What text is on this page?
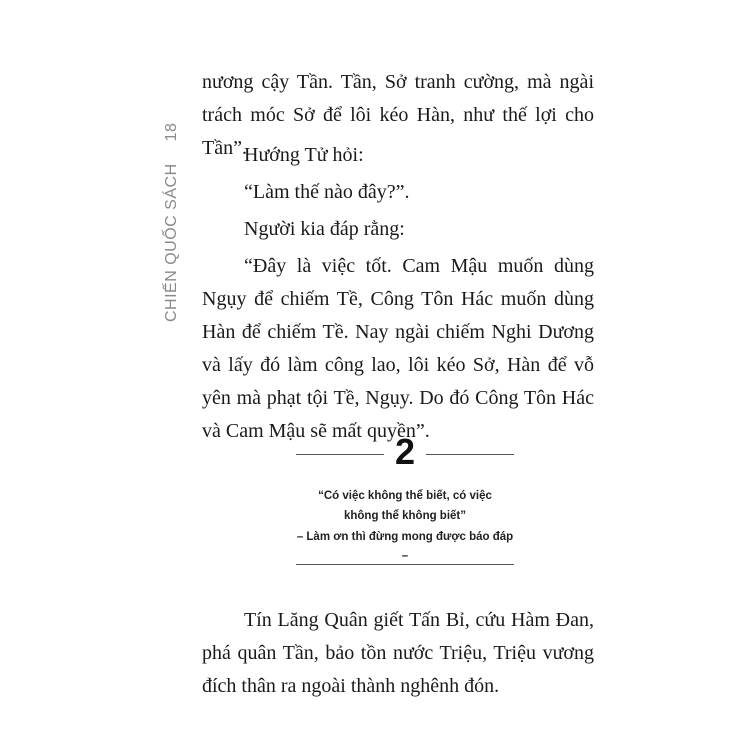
CHIẾN QUỐC SÁCH18

nương cậy Tần. Tần, Sở tranh cường, mà ngài trách móc Sở để lôi kéo Hàn, như thế lợi cho Tần”.

Hướng Tử hỏi:

“Làm thế nào đây?”.

Người kia đáp rằng:

“Đây là việc tốt. Cam Mậu muốn dùng Ngụy để chiếm Tề, Công Tôn Hác muốn dùng Hàn để chiếm Tề. Nay ngài chiếm Nghi Dương và lấy đó làm công lao, lôi kéo Sở, Hàn để vỗ yên mà phạt tội Tề, Ngụy. Do đó Công Tôn Hác và Cam Mậu sẽ mất quyền”.

2
“Có việc không thể biết, có việc
không thể không biết”
– Làm ơn thì đừng mong được báo đáp –

Tín Lăng Quân giết Tấn Bỉ, cứu Hàm Đan, phá quân Tần, bảo tồn nước Triệu, Triệu vương đích thân ra ngoài thành nghênh đón.
